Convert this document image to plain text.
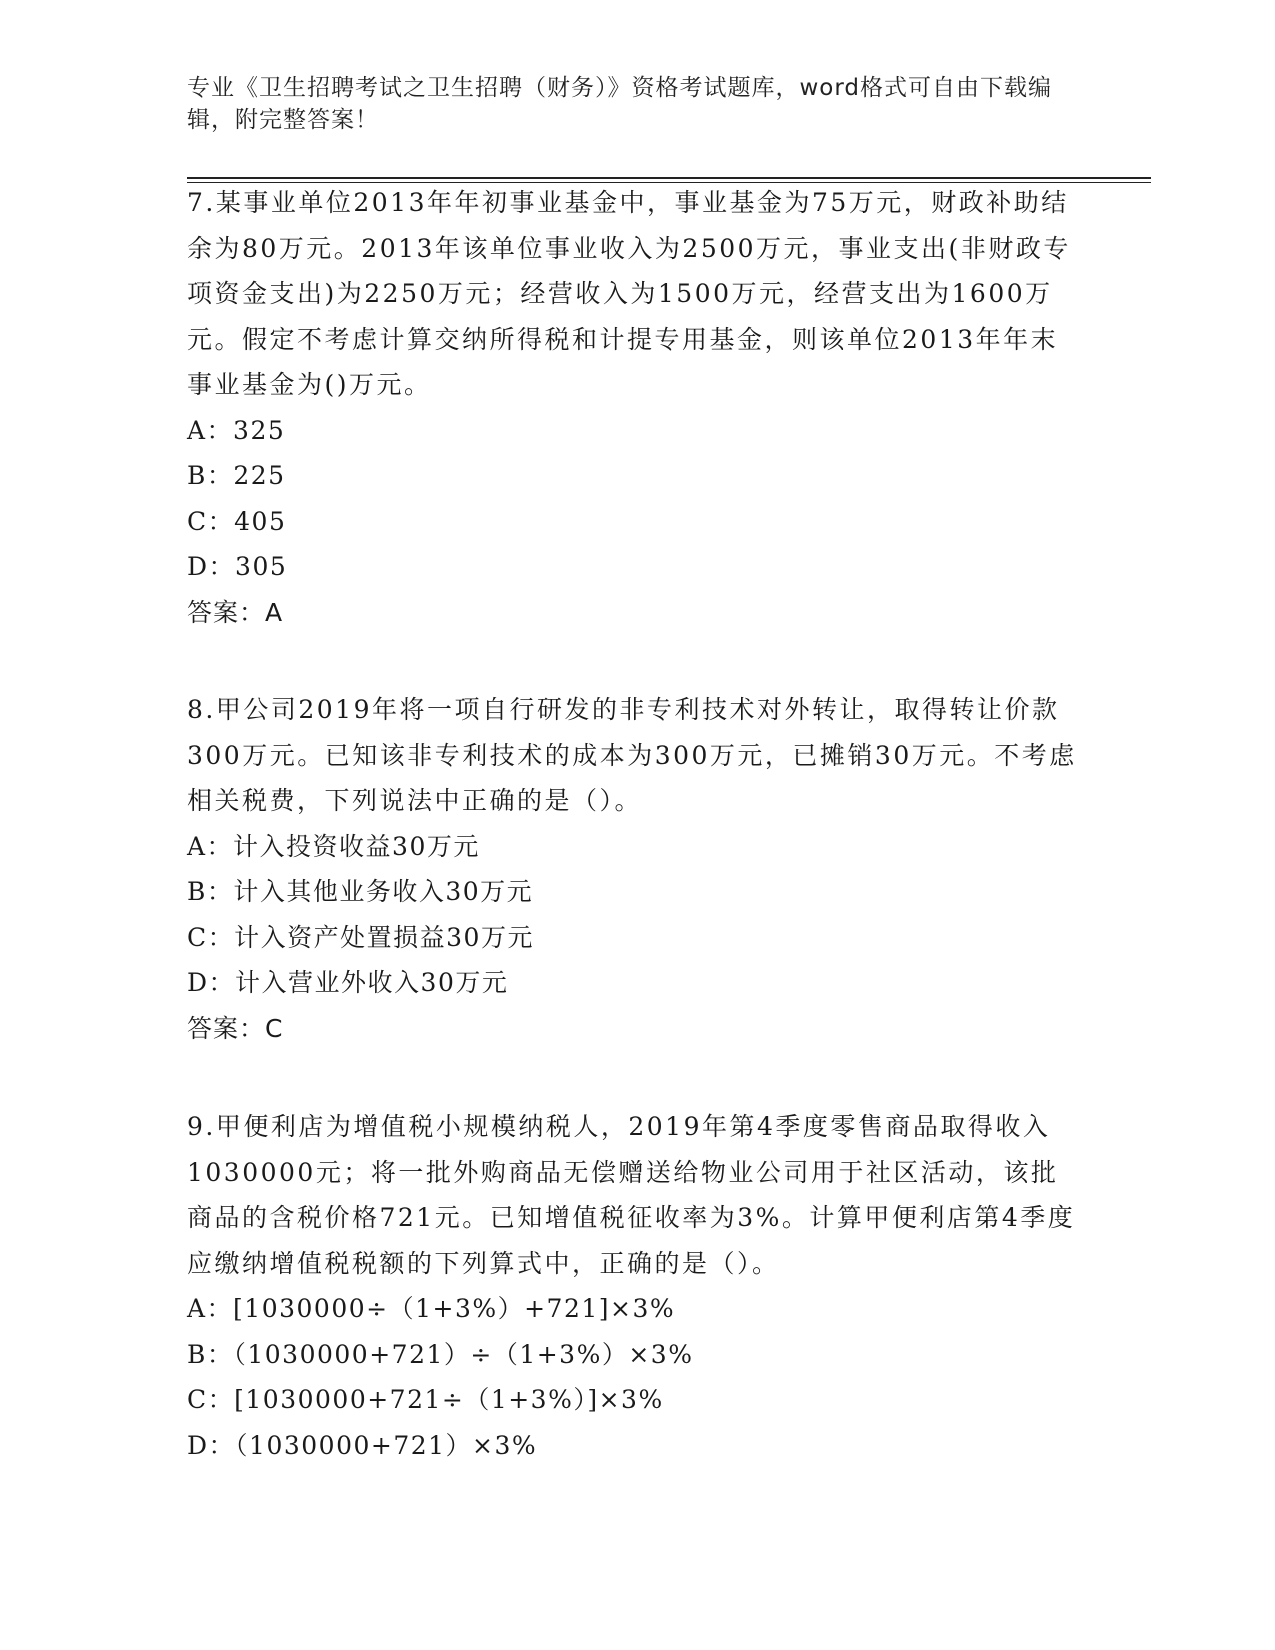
专业《卫生招聘考试之卫生招聘（财务）》资格考试题库，word格式可自由下载编辑，附完整答案！

7.某事业单位2013年年初事业基金中，事业基金为75万元，财政补助结余为80万元。2013年该单位事业收入为2500万元，事业支出(非财政专项资金支出)为2250万元；经营收入为1500万元，经营支出为1600万元。假定不考虑计算交纳所得税和计提专用基金，则该单位2013年年末事业基金为()万元。

A：325

B：225

C：405

D：305

答案：A

8.甲公司2019年将一项自行研发的非专利技术对外转让，取得转让价款300万元。已知该非专利技术的成本为300万元，已摊销30万元。不考虑相关税费，下列说法中正确的是（）。

A：计入投资收益30万元

B：计入其他业务收入30万元

C：计入资产处置损益30万元

D：计入营业外收入30万元

答案：C

9.甲便利店为增值税小规模纳税人，2019年第4季度零售商品取得收入1030000元；将一批外购商品无偿赠送给物业公司用于社区活动，该批商品的含税价格721元。已知增值税征收率为3%。计算甲便利店第4季度应缴纳增值税税额的下列算式中，正确的是（）。

A：[1030000÷（1+3%）+721]×3%

B：（1030000+721）÷（1+3%）×3%

C：[1030000+721÷（1+3%）]×3%

D：（1030000+721）×3%
